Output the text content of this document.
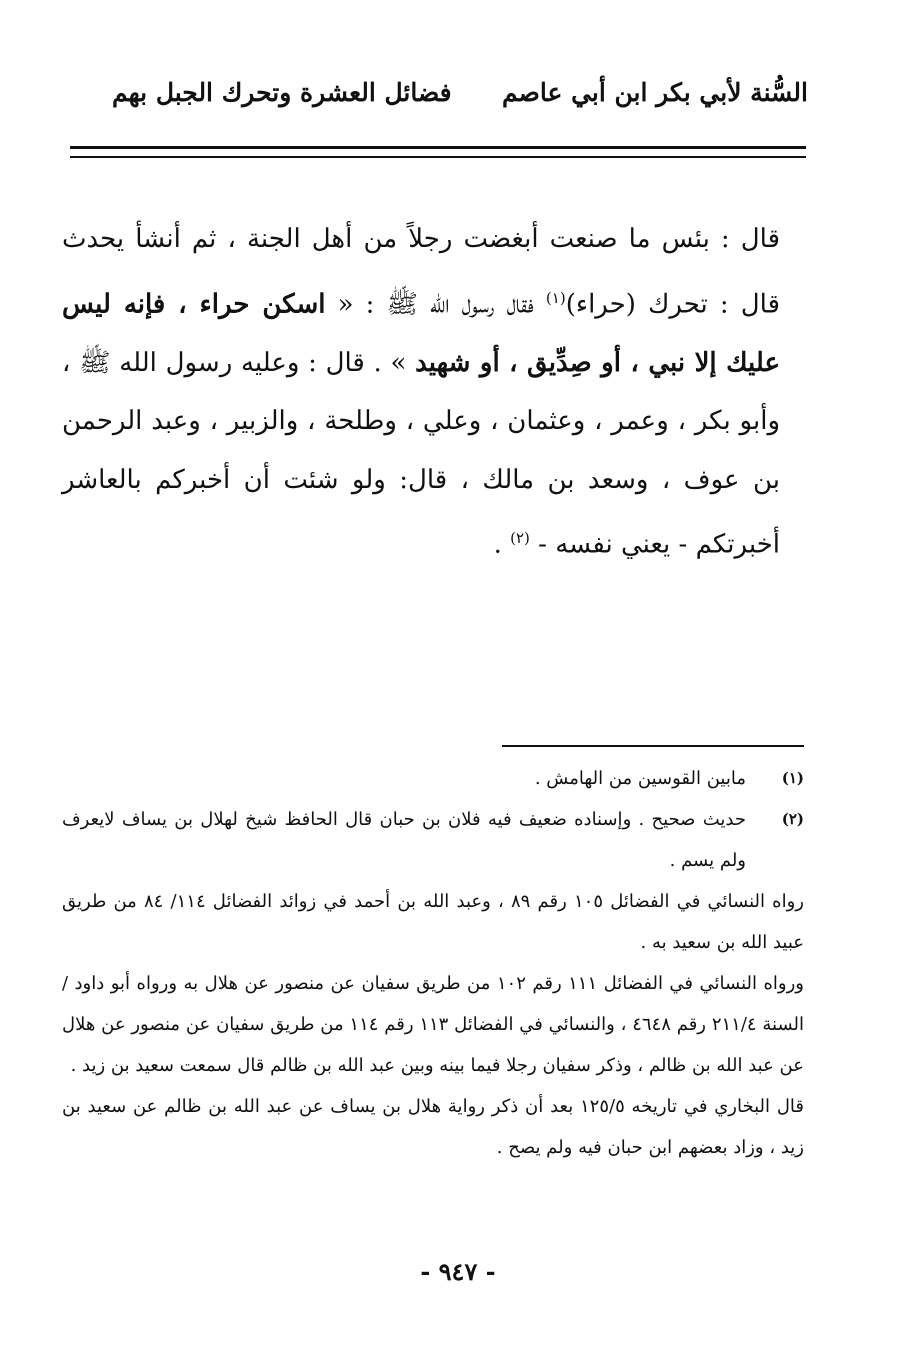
السُّنة لأبي بكر ابن أبي عاصم
فضائل العشرة وتحرك الجبل بهم
قال : بئس ما صنعت أبغضت رجلاً من أهل الجنة ، ثم أنشأ يحدث قال : تحرك (حراء)$^{(١)}$ فقال رسول الله ﷺ : « اسكن حراء ، فإنه ليس عليك إلا نبي ، أو صِدِّيق ، أو شهيد » . قال : وعليه رسول الله ﷺ ، وأبو بكر ، وعمر ، وعثمان ، وعلي ، وطلحة ، والزبير ، وعبد الرحمن بن عوف ، وسعد بن مالك ، قال: ولو شئت أن أخبركم بالعاشر أخبرتكم - يعني نفسه - $^{(٢)}$ .
(١)

مابين القوسين من الهامش .

(٢)

حديث صحيح . وإسناده ضعيف فيه فلان بن حبان قال الحافظ شيخ لهلال بن يساف لايعرف ولم يسم .

رواه النسائي في الفضائل ١٠٥ رقم ٨٩ ، وعبد الله بن أحمد في زوائد الفضائل ١١٤/ ٨٤ من طريق عبيد الله بن سعيد به .

ورواه النسائي في الفضائل ١١١ رقم ١٠٢ من طريق سفيان عن منصور عن هلال به ورواه أبو داود / السنة ٢١١/٤ رقم ٤٦٤٨ ، والنسائي في الفضائل ١١٣ رقم ١١٤ من طريق سفيان عن منصور عن هلال عن عبد الله بن ظالم ، وذكر سفيان رجلا فيما بينه وبين عبد الله بن ظالم قال سمعت سعيد بن زيد .

قال البخاري في تاريخه ١٢٥/٥ بعد أن ذكر رواية هلال بن يساف عن عبد الله بن ظالم عن سعيد بن زيد ، وزاد بعضهم ابن حبان فيه ولم يصح .

- ٩٤٧ -
